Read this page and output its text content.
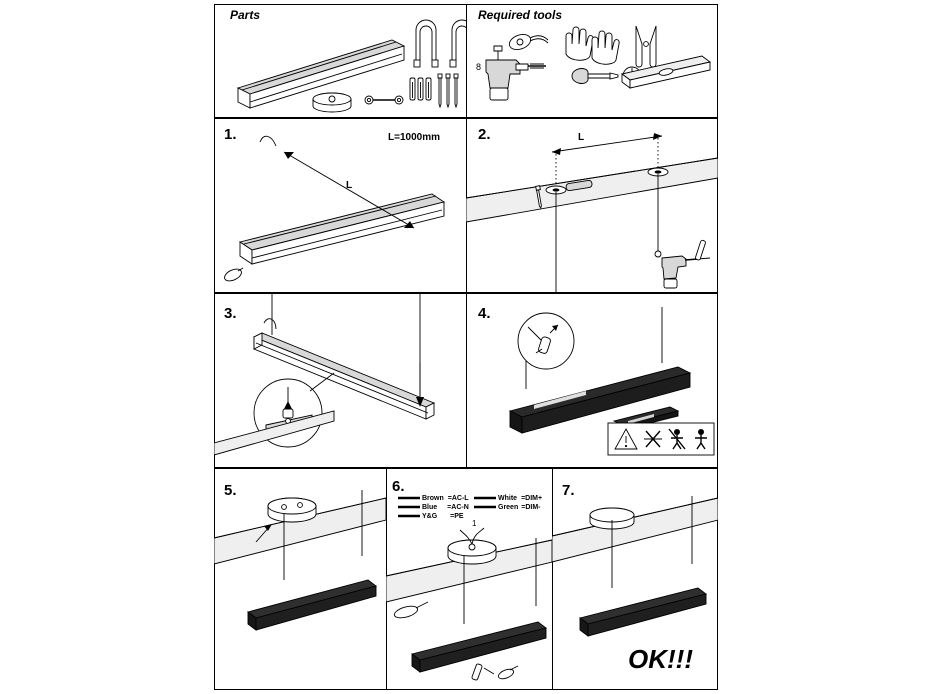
Parts	Required tools
8
1.	L=1000mm
L
2.	L
3.	4.
5.	6.
Brown =AC-L
Blue =AC-N
Y&G =PE
White =DIM+
Green =DIM-
1
7.
OK!!!
